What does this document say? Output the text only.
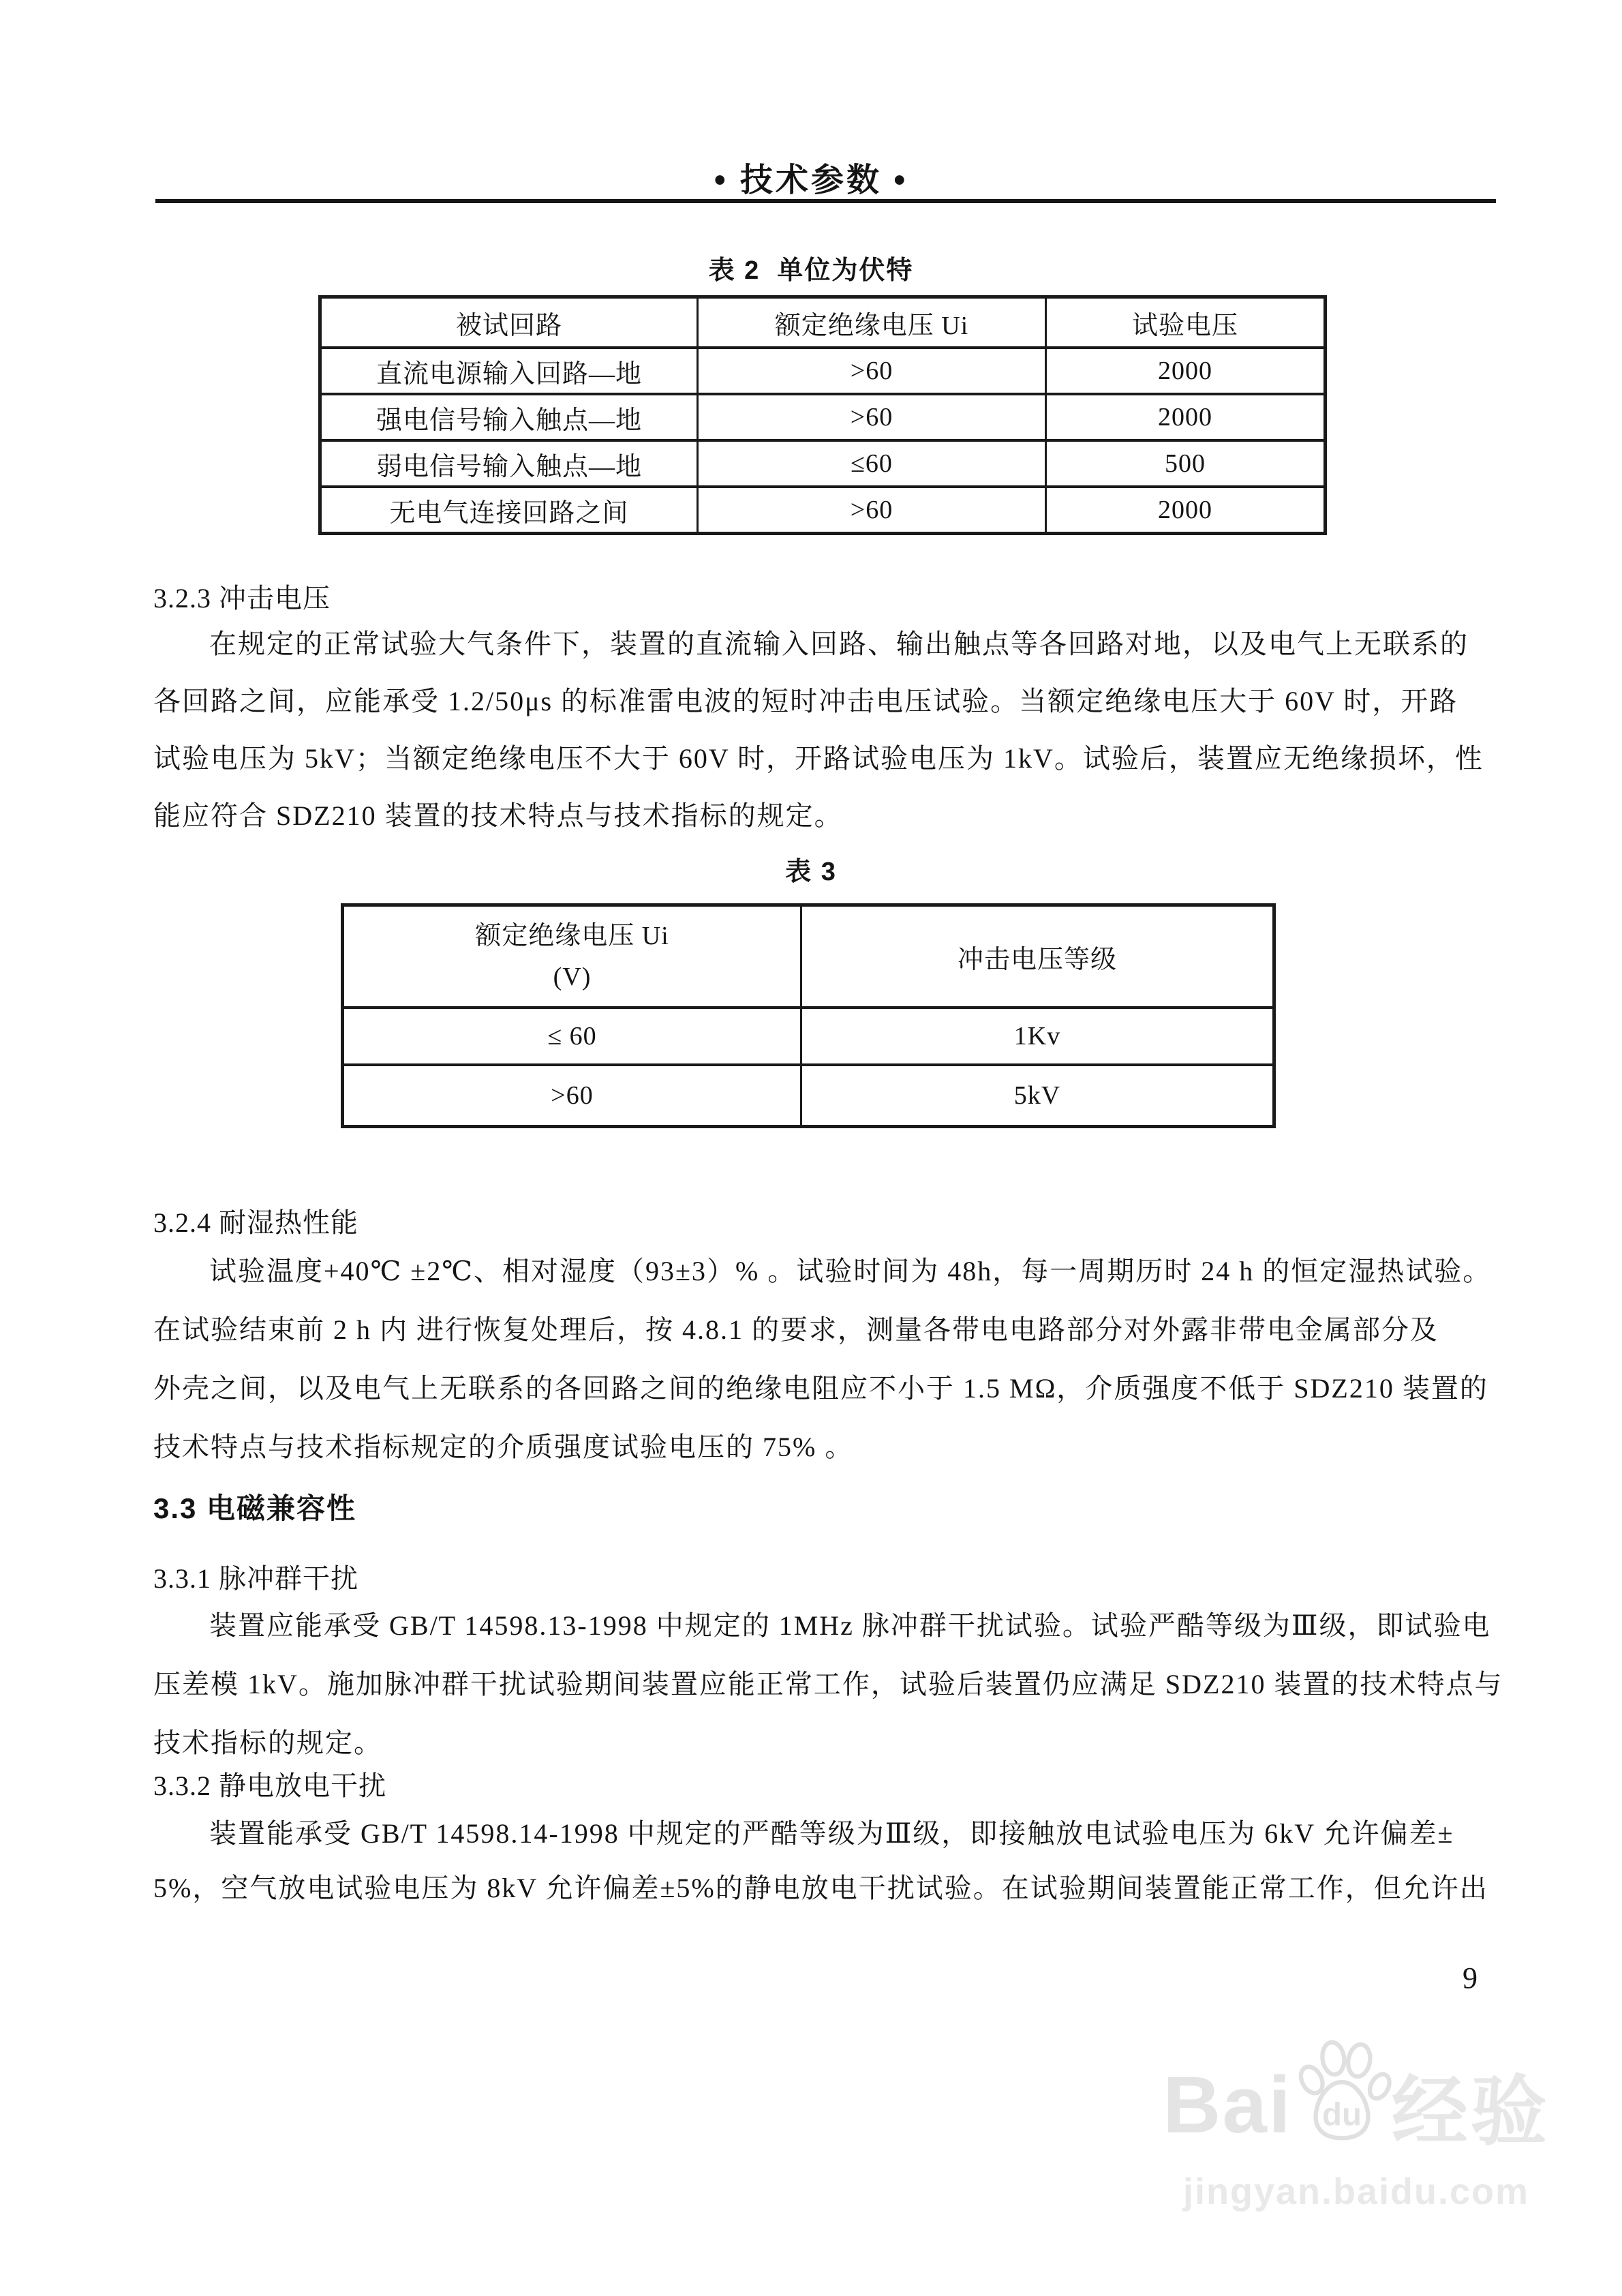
• 技术参数 •
表 2  单位为伏特
被试回路	额定绝缘电压 Ui	试验电压
直流电源输入回路—地	>60	2000
强电信号输入触点—地	>60	2000
弱电信号输入触点—地	≤60	500
无电气连接回路之间	>60	2000
3.2.3 冲击电压
在规定的正常试验大气条件下，装置的直流输入回路、输出触点等各回路对地，以及电气上无联系的
各回路之间，应能承受 1.2/50μs 的标准雷电波的短时冲击电压试验。当额定绝缘电压大于 60V 时，开路
试验电压为 5kV；当额定绝缘电压不大于 60V 时，开路试验电压为 1kV。试验后，装置应无绝缘损坏，性
能应符合 SDZ210 装置的技术特点与技术指标的规定。
表 3
额定绝缘电压 Ui
(V)	冲击电压等级
≤ 60	1Kv
>60	5kV
3.2.4 耐湿热性能
试验温度+40℃ ±2℃、相对湿度（93±3）% 。试验时间为 48h，每一周期历时 24 h 的恒定湿热试验。
在试验结束前 2 h 内 进行恢复处理后，按 4.8.1 的要求，测量各带电电路部分对外露非带电金属部分及
外壳之间，以及电气上无联系的各回路之间的绝缘电阻应不小于 1.5 MΩ，介质强度不低于 SDZ210 装置的
技术特点与技术指标规定的介质强度试验电压的 75% 。
3.3 电磁兼容性
3.3.1 脉冲群干扰
装置应能承受 GB/T 14598.13-1998 中规定的 1MHz 脉冲群干扰试验。试验严酷等级为Ⅲ级，即试验电
压差模 1kV。施加脉冲群干扰试验期间装置应能正常工作，试验后装置仍应满足 SDZ210 装置的技术特点与
技术指标的规定。
3.3.2 静电放电干扰
装置能承受 GB/T 14598.14-1998 中规定的严酷等级为Ⅲ级，即接触放电试验电压为 6kV 允许偏差±
5%，空气放电试验电压为 8kV 允许偏差±5%的静电放电干扰试验。在试验期间装置能正常工作，但允许出
9
Bai du 经验
jingyan.baidu.com
